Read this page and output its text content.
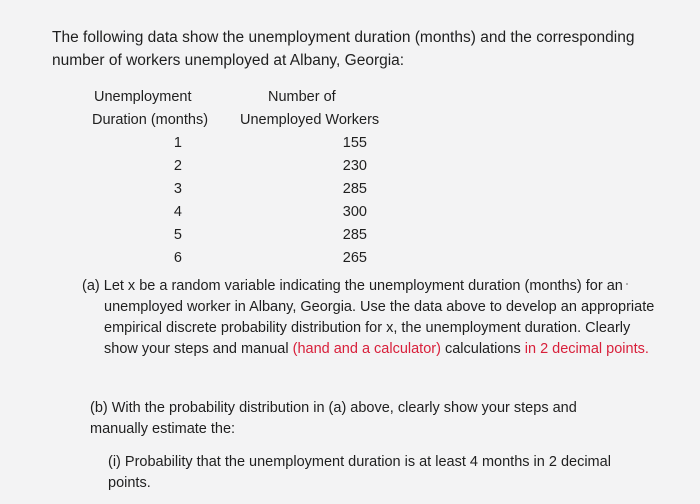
The following data show the unemployment duration (months) and the corresponding
number of workers unemployed at Albany, Georgia:
Unemployment
Duration (months)
Number of
Unemployed Workers
1
2
3
4
5
6
155
230
285
300
285
265
(a) Let x be a random variable indicating the unemployment duration (months) for an unemployed worker in Albany, Georgia. Use the data above to develop an appropriate empirical discrete probability distribution for x, the unemployment duration. Clearly show your steps and manual (hand and a calculator) calculations in 2 decimal points.
(b) With the probability distribution in (a) above, clearly show your steps and
manually estimate the:
(i) Probability that the unemployment duration is at least 4 months in 2 decimal
points.
